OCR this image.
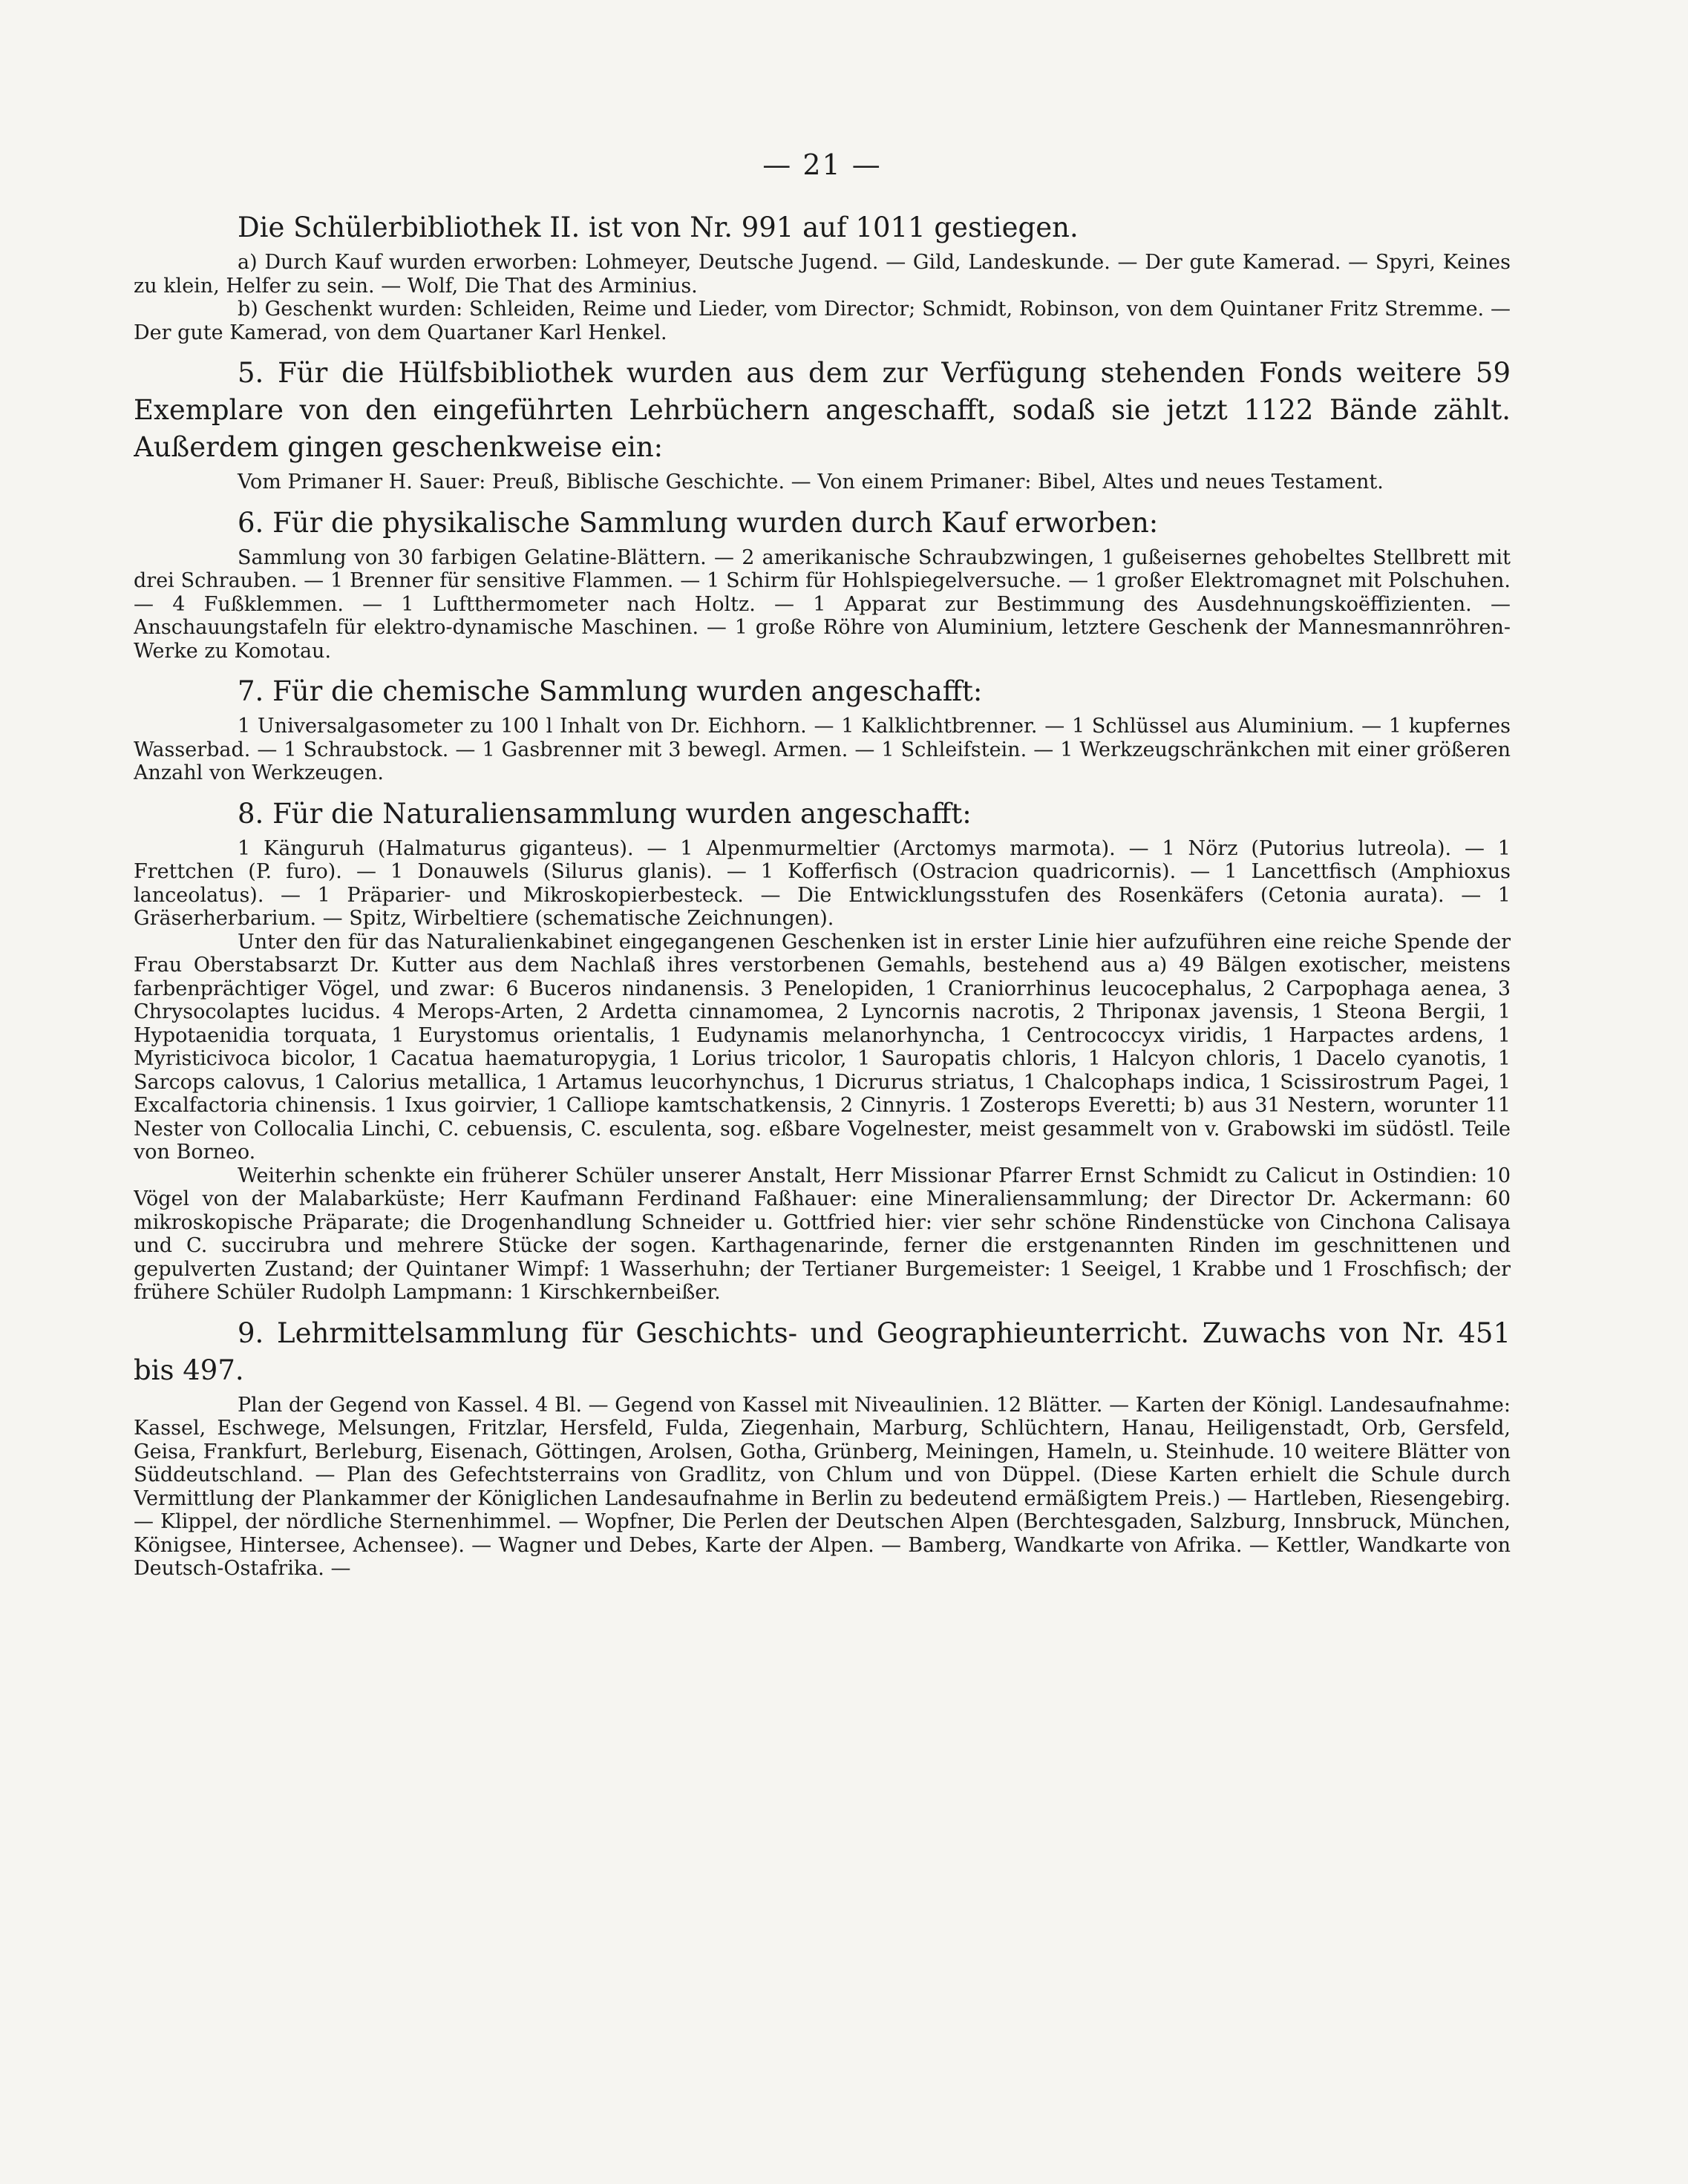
— 21 —

Die Schülerbibliothek II. ist von Nr. 991 auf 1011 gestiegen.

a) Durch Kauf wurden erworben: Lohmeyer, Deutsche Jugend. — Gild, Landeskunde. — Der gute Kamerad. — Spyri, Keines zu klein, Helfer zu sein. — Wolf, Die That des Arminius.

b) Geschenkt wurden: Schleiden, Reime und Lieder, vom Director; Schmidt, Robinson, von dem Quintaner Fritz Stremme. — Der gute Kamerad, von dem Quartaner Karl Henkel.

5. Für die Hülfsbibliothek wurden aus dem zur Verfügung stehenden Fonds weitere 59 Exemplare von den eingeführten Lehrbüchern angeschafft, sodaß sie jetzt 1122 Bände zählt. Außerdem gingen geschenkweise ein:

Vom Primaner H. Sauer: Preuß, Biblische Geschichte. — Von einem Primaner: Bibel, Altes und neues Testament.

6. Für die physikalische Sammlung wurden durch Kauf erworben:

Sammlung von 30 farbigen Gelatine-Blättern. — 2 amerikanische Schraubzwingen, 1 gußeisernes gehobeltes Stellbrett mit drei Schrauben. — 1 Brenner für sensitive Flammen. — 1 Schirm für Hohlspiegelversuche. — 1 großer Elektromagnet mit Polschuhen. — 4 Fußklemmen. — 1 Luftthermometer nach Holtz. — 1 Apparat zur Bestimmung des Ausdehnungskoëffizienten. — Anschauungstafeln für elektro-dynamische Maschinen. — 1 große Röhre von Aluminium, letztere Geschenk der Mannesmannröhren-Werke zu Komotau.

7. Für die chemische Sammlung wurden angeschafft:

1 Universalgasometer zu 100 l Inhalt von Dr. Eichhorn. — 1 Kalklichtbrenner. — 1 Schlüssel aus Aluminium. — 1 kupfernes Wasserbad. — 1 Schraubstock. — 1 Gasbrenner mit 3 bewegl. Armen. — 1 Schleifstein. — 1 Werkzeugschränkchen mit einer größeren Anzahl von Werkzeugen.

8. Für die Naturaliensammlung wurden angeschafft:

1 Känguruh (Halmaturus giganteus). — 1 Alpenmurmeltier (Arctomys marmota). — 1 Nörz (Putorius lutreola). — 1 Frettchen (P. furo). — 1 Donauwels (Silurus glanis). — 1 Kofferfisch (Ostracion quadricornis). — 1 Lancettfisch (Amphioxus lanceolatus). — 1 Präparier- und Mikroskopierbesteck. — Die Entwicklungsstufen des Rosenkäfers (Cetonia aurata). — 1 Gräserherbarium. — Spitz, Wirbeltiere (schematische Zeichnungen).

Unter den für das Naturalienkabinet eingegangenen Geschenken ist in erster Linie hier aufzuführen eine reiche Spende der Frau Oberstabsarzt Dr. Kutter aus dem Nachlaß ihres verstorbenen Gemahls, bestehend aus a) 49 Bälgen exotischer, meistens farbenprächtiger Vögel, und zwar: 6 Buceros nindanensis. 3 Penelopiden, 1 Craniorrhinus leucocephalus, 2 Carpophaga aenea, 3 Chrysocolaptes lucidus. 4 Merops-Arten, 2 Ardetta cinnamomea, 2 Lyncornis nacrotis, 2 Thriponax javensis, 1 Steona Bergii, 1 Hypotaenidia torquata, 1 Eurystomus orientalis, 1 Eudynamis melanorhyncha, 1 Centrococcyx viridis, 1 Harpactes ardens, 1 Myristicivoca bicolor, 1 Cacatua haematuropygia, 1 Lorius tricolor, 1 Sauropatis chloris, 1 Halcyon chloris, 1 Dacelo cyanotis, 1 Sarcops calovus, 1 Calorius metallica, 1 Artamus leucorhynchus, 1 Dicrurus striatus, 1 Chalcophaps indica, 1 Scissirostrum Pagei, 1 Excalfactoria chinensis. 1 Ixus goirvier, 1 Calliope kamtschatkensis, 2 Cinnyris. 1 Zosterops Everetti; b) aus 31 Nestern, worunter 11 Nester von Collocalia Linchi, C. cebuensis, C. esculenta, sog. eßbare Vogelnester, meist gesammelt von v. Grabowski im südöstl. Teile von Borneo.

Weiterhin schenkte ein früherer Schüler unserer Anstalt, Herr Missionar Pfarrer Ernst Schmidt zu Calicut in Ostindien: 10 Vögel von der Malabarküste; Herr Kaufmann Ferdinand Faßhauer: eine Mineraliensammlung; der Director Dr. Ackermann: 60 mikroskopische Präparate; die Drogenhandlung Schneider u. Gottfried hier: vier sehr schöne Rindenstücke von Cinchona Calisaya und C. succirubra und mehrere Stücke der sogen. Karthagenarinde, ferner die erstgenannten Rinden im geschnittenen und gepulverten Zustand; der Quintaner Wimpf: 1 Wasserhuhn; der Tertianer Burgemeister: 1 Seeigel, 1 Krabbe und 1 Froschfisch; der frühere Schüler Rudolph Lampmann: 1 Kirschkernbeißer.

9. Lehrmittelsammlung für Geschichts- und Geographieunterricht. Zuwachs von Nr. 451 bis 497.

Plan der Gegend von Kassel. 4 Bl. — Gegend von Kassel mit Niveaulinien. 12 Blätter. — Karten der Königl. Landesaufnahme: Kassel, Eschwege, Melsungen, Fritzlar, Hersfeld, Fulda, Ziegenhain, Marburg, Schlüchtern, Hanau, Heiligenstadt, Orb, Gersfeld, Geisa, Frankfurt, Berleburg, Eisenach, Göttingen, Arolsen, Gotha, Grünberg, Meiningen, Hameln, u. Steinhude. 10 weitere Blätter von Süddeutschland. — Plan des Gefechtsterrains von Gradlitz, von Chlum und von Düppel. (Diese Karten erhielt die Schule durch Vermittlung der Plankammer der Königlichen Landesaufnahme in Berlin zu bedeutend ermäßigtem Preis.) — Hartleben, Riesengebirg. — Klippel, der nördliche Sternenhimmel. — Wopfner, Die Perlen der Deutschen Alpen (Berchtesgaden, Salzburg, Innsbruck, München, Königsee, Hintersee, Achensee). — Wagner und Debes, Karte der Alpen. — Bamberg, Wandkarte von Afrika. — Kettler, Wandkarte von Deutsch-Ostafrika. —
